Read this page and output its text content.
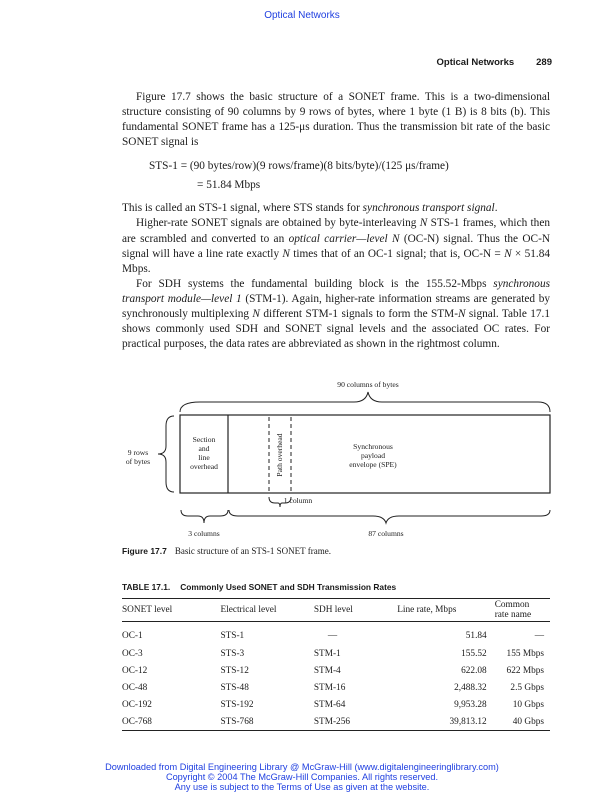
Optical Networks
Optical Networks 289

Figure 17.7 shows the basic structure of a SONET frame. This is a two-dimensional structure consisting of 90 columns by 9 rows of bytes, where 1 byte (1 B) is 8 bits (b). This fundamental SONET frame has a 125-μs duration. Thus the transmission bit rate of the basic SONET signal is

STS-1 = (90 bytes/row)(9 rows/frame)(8 bits/byte)/(125 μs/frame)
= 51.84 Mbps

This is called an STS-1 signal, where STS stands for synchronous transport signal.

Higher-rate SONET signals are obtained by byte-interleaving N STS-1 frames, which then are scrambled and converted to an optical carrier—level N (OC-N) signal. Thus the OC-N signal will have a line rate exactly N times that of an OC-1 signal; that is, OC-N = N × 51.84 Mbps.

For SDH systems the fundamental building block is the 155.52-Mbps synchronous transport module—level 1 (STM-1). Again, higher-rate information streams are generated by synchronously multiplexing N different STM-1 signals to form the STM-N signal. Table 17.1 shows commonly used SDH and SONET signal levels and the associated OC rates. For practical purposes, the data rates are abbreviated as shown in the rightmost column.

90 columns of bytes
9 rows
of bytes
Section
and
line
overhead	Path overhead	Synchronous
payload
envelope (SPE)
1 column
3 columns	87 columns
Figure 17.7 Basic structure of an STS-1 SONET frame.
TABLE 17.1. Commonly Used SONET and SDH Transmission Rates
SONET level	Electrical level	SDH level	Line rate, Mbps	Common rate name
OC-1	STS-1	—	51.84	—
OC-3	STS-3	STM-1	155.52	155 Mbps
OC-12	STS-12	STM-4	622.08	622 Mbps
OC-48	STS-48	STM-16	2,488.32	2.5 Gbps
OC-192	STS-192	STM-64	9,953.28	10 Gbps
OC-768	STS-768	STM-256	39,813.12	40 Gbps
Downloaded from Digital Engineering Library @ McGraw-Hill (www.digitalengineeringlibrary.com)
Copyright © 2004 The McGraw-Hill Companies. All rights reserved.
Any use is subject to the Terms of Use as given at the website.
